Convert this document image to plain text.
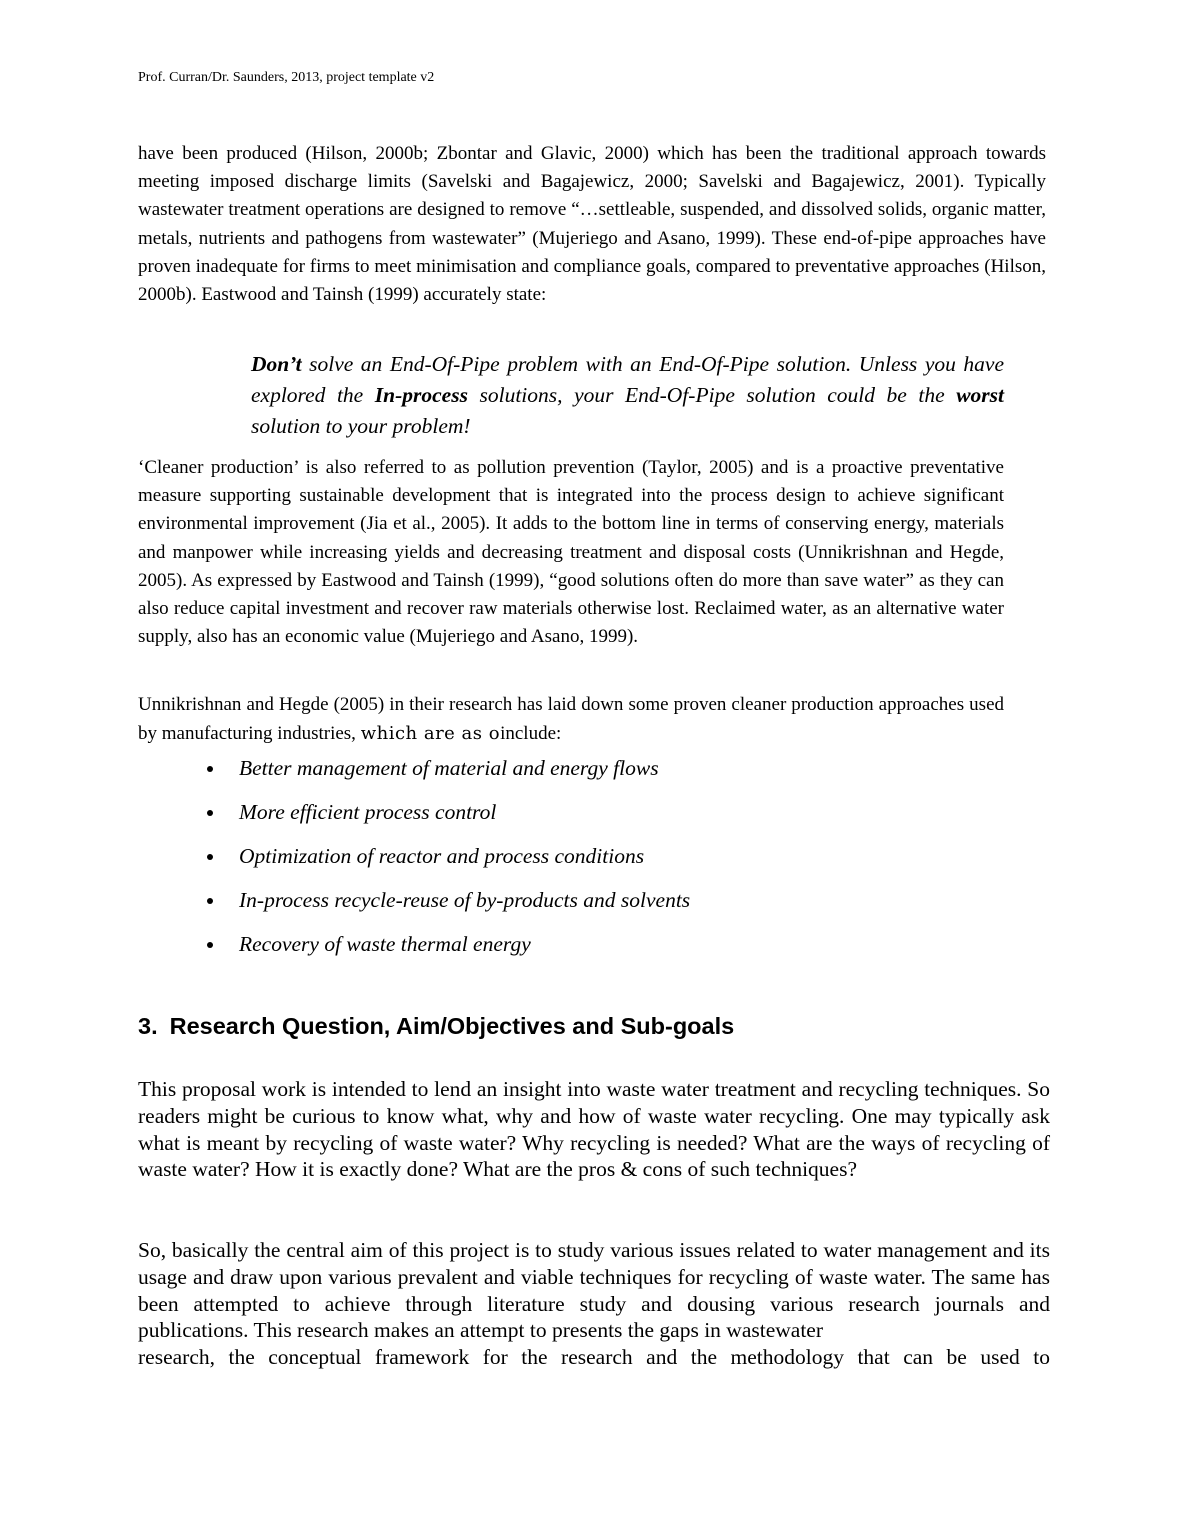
Prof. Curran/Dr. Saunders, 2013, project template v2

have been produced (Hilson, 2000b; Zbontar and Glavic, 2000) which has been the traditional approach towards meeting imposed discharge limits (Savelski and Bagajewicz, 2000; Savelski and Bagajewicz, 2001). Typically wastewater treatment operations are designed to remove “…settleable, suspended, and dissolved solids, organic matter, metals, nutrients and pathogens from wastewater” (Mujeriego and Asano, 1999). These end-of-pipe approaches have proven inadequate for firms to meet minimisation and compliance goals, compared to preventative approaches (Hilson, 2000b). Eastwood and Tainsh (1999) accurately state:

Don’t solve an End-Of-Pipe problem with an End-Of-Pipe solution. Unless you have explored the In-process solutions, your End-Of-Pipe solution could be the worst solution to your problem!

‘Cleaner production’ is also referred to as pollution prevention (Taylor, 2005) and is a proactive preventative measure supporting sustainable development that is integrated into the process design to achieve significant environmental improvement (Jia et al., 2005). It adds to the bottom line in terms of conserving energy, materials and manpower while increasing yields and decreasing treatment and disposal costs (Unnikrishnan and Hegde, 2005). As expressed by Eastwood and Tainsh (1999), “good solutions often do more than save water” as they can also reduce capital investment and recover raw materials otherwise lost. Reclaimed water, as an alternative water supply, also has an economic value (Mujeriego and Asano, 1999).

Unnikrishnan and Hegde (2005) in their research has laid down some proven cleaner production approaches used by manufacturing industries, which are as oinclude:

Better management of material and energy flows
More efficient process control
Optimization of reactor and process conditions
In-process recycle-reuse of by-products and solvents
Recovery of waste thermal energy
3. Research Question, Aim/Objectives and Sub-goals

This proposal work is intended to lend an insight into waste water treatment and recycling techniques. So readers might be curious to know what, why and how of waste water recycling. One may typically ask what is meant by recycling of waste water? Why recycling is needed? What are the ways of recycling of waste water? How it is exactly done? What are the pros & cons of such techniques?

So, basically the central aim of this project is to study various issues related to water management and its usage and draw upon various prevalent and viable techniques for recycling of waste water. The same has been attempted to achieve through literature study and dousing various research journals and publications. This research makes an attempt to presents the gaps in wastewater
research, the conceptual framework for the research and the methodology that can be used to
